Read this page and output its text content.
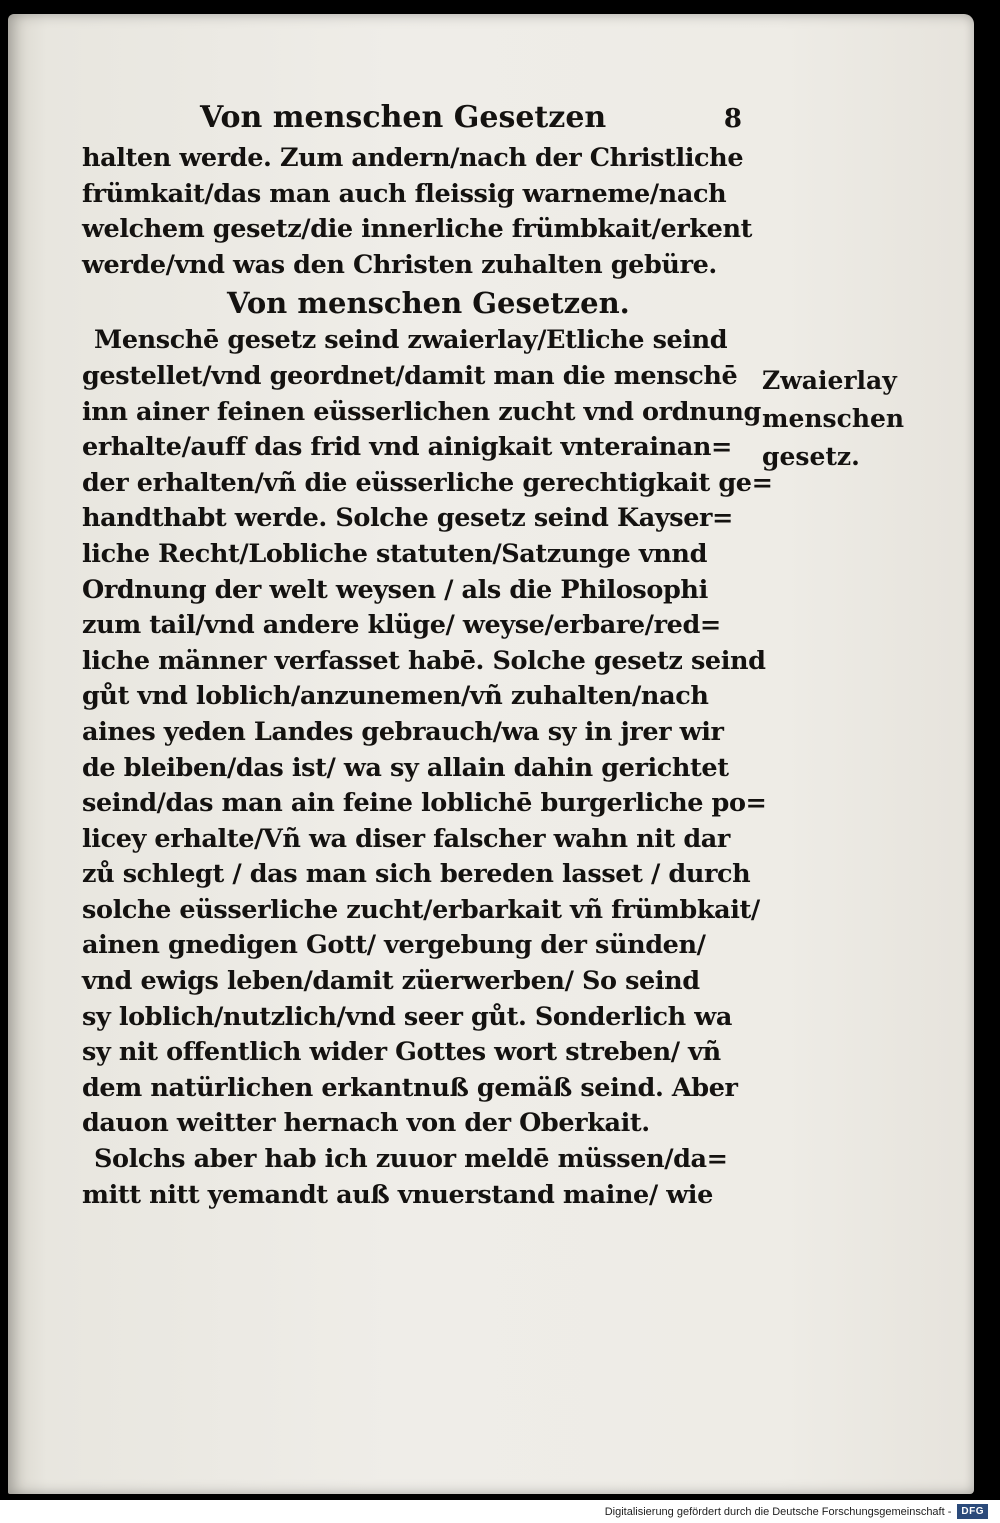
Von menschen Gesetzen	8
halten werde. Zum andern/nach der Christliche
frümkait/das man auch fleissig warneme/nach
welchem gesetz/die innerliche frümbkait/erkent
werde/vnd was den Christen zuhalten gebüre.
Von menschen Gesetzen.
Menschē gesetz seind zwaierlay/Etliche seind
gestellet/vnd geordnet/damit man die menschē
inn ainer feinen eüsserlichen zucht vnd ordnung
erhalte/auff das frid vnd ainigkait vnterainan=
der erhalten/vñ die eüsserliche gerechtigkait ge=
handthabt werde. Solche gesetz seind Kayser=
liche Recht/Lobliche statuten/Satzunge vnnd
Ordnung der welt weysen / als die Philosophi
zum tail/vnd andere klüge/ weyse/erbare/red=
liche männer verfasset habē. Solche gesetz seind
gůt vnd loblich/anzunemen/vñ zuhalten/nach
aines yeden Landes gebrauch/wa sy in jrer wir
de bleiben/das ist/ wa sy allain dahin gerichtet
seind/das man ain feine loblichē burgerliche po=
licey erhalte/Vñ wa diser falscher wahn nit dar
zů schlegt / das man sich bereden lasset / durch
solche eüsserliche zucht/erbarkait vñ frümbkait/
ainen gnedigen Gott/ vergebung der sünden/
vnd ewigs leben/damit züerwerben/ So seind
sy loblich/nutzlich/vnd seer gůt. Sonderlich wa
sy nit offentlich wider Gottes wort streben/ vñ
dem natürlichen erkantnuß gemäß seind. Aber
dauon weitter hernach von der Oberkait.
Solchs aber hab ich zuuor meldē müssen/da=
mitt nitt yemandt auß vnuerstand maine/ wie
Zwaierlay
menschen
gesetz.
Digitalisierung gefördert durch die Deutsche Forschungsgemeinschaft -	DFG
